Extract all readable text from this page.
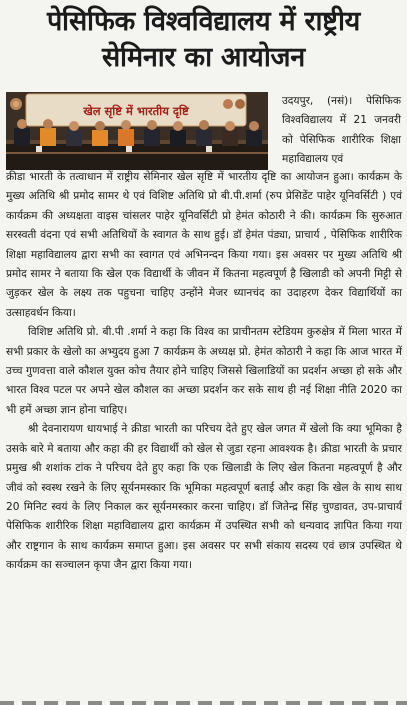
पेसिफिक विश्वविद्यालय में राष्ट्रीय
सेमिनार का आयोजन
खेल सृष्टि में भारतीय दृष्टि
उदयपुर, (नसं)। पेसिफिक विश्वविद्यालय में 21 जनवरी को पेसिफिक शारीरिक शिक्षा महाविद्यालय एवं

क्रीडा भारती के तत्वाधान में राष्ट्रीय सेमिनार खेल सृष्टि में भारतीय दृष्टि का आयोजन हुआ। कार्यक्रम के मुख्य अतिथि श्री प्रमोद सामर थे एवं विशिष्ट अतिथि प्रो बी.पी.शर्मा (रुप प्रेसिडेंट पाहेर यूनिवर्सिटी ) एवं कार्यक्रम की अध्यक्षता वाइस चांसलर पाहेर यूनिवर्सिटी प्रो हेमंत कोठारी ने की। कार्यक्रम कि सुरुआत सरस्वती वंदना एवं सभी अतिथियों के स्वागत के साथ हुई। डॉ हेमंत पंड्या, प्राचार्य , पेसिफिक शारीरिक शिक्षा महाविद्यालय द्वारा सभी का स्वागत एवं अभिनन्दन किया गया। इस अवसर पर मुख्य अतिथि श्री प्रमोद सामर ने बताया कि खेल एक विद्यार्थी के जीवन में कितना महत्वपूर्ण है खिलाडी को अपनी मिट्टी से जुड़कर खेल के लक्ष्य तक पहुचना चाहिए उन्होंने मेजर ध्यानचंद का उदाहरण देकर विद्यार्थियों का उत्साहवर्धन किया।

विशिष्ट अतिथि प्रो. बी.पी .शर्मा ने कहा कि विश्व का प्राचीनतम स्टेडियम कुरुक्षेत्र में मिला भारत में सभी प्रकार के खेलो का अभ्युदय हुआ 7 कार्यक्रम के अध्यक्ष प्रो. हेमंत कोठारी ने कहा कि आज भारत में उच्च गुणवत्ता वाले कौशल युक्त कोच तैयार होने चाहिए जिससे खिलाडियों का प्रदर्शन अच्छा हो सके और भारत विश्व पटल पर अपने खेल कौशल का अच्छा प्रदर्शन कर सके साथ ही नई शिक्षा नीति 2020 का भी हमें अच्छा ज्ञान होना चाहिए।

श्री देवनारायण धायभाई ने क्रीडा भारती का परिचय देते हुए खेल जगत में खेलो कि क्या भूमिका है उसके बारे मे बताया और कहा की हर विद्यार्थी को खेल से जुडा रहना आवश्यक है। क्रीडा भारती के प्रचार प्रमुख श्री शशांक टांक ने परिचय देते हुए कहा कि एक खिलाडी के लिए खेल कितना महत्वपूर्ण है और जीवं को स्वस्थ रखने के लिए सूर्यनमस्कार कि भूमिका महत्वपूर्ण बताई और कहा कि खेल के साथ साथ 20 मिनिट स्वयं के लिए निकाल कर सूर्यनमस्कार करना चाहिए। डॉ जितेन्द्र सिंह चुण्डावत, उप-प्राचार्य पेसिफिक शारीरिक शिक्षा महाविद्यालय द्वारा कार्यक्रम में उपस्थित सभी को धन्यवाद ज्ञापित किया गया और राष्ट्रगान के साथ कार्यक्रम समाप्त हुआ। इस अवसर पर सभी संकाय सदस्य एवं छात्र उपस्थित थे कार्यक्रम का सञ्चालन कृपा जैन द्वारा किया गया।
